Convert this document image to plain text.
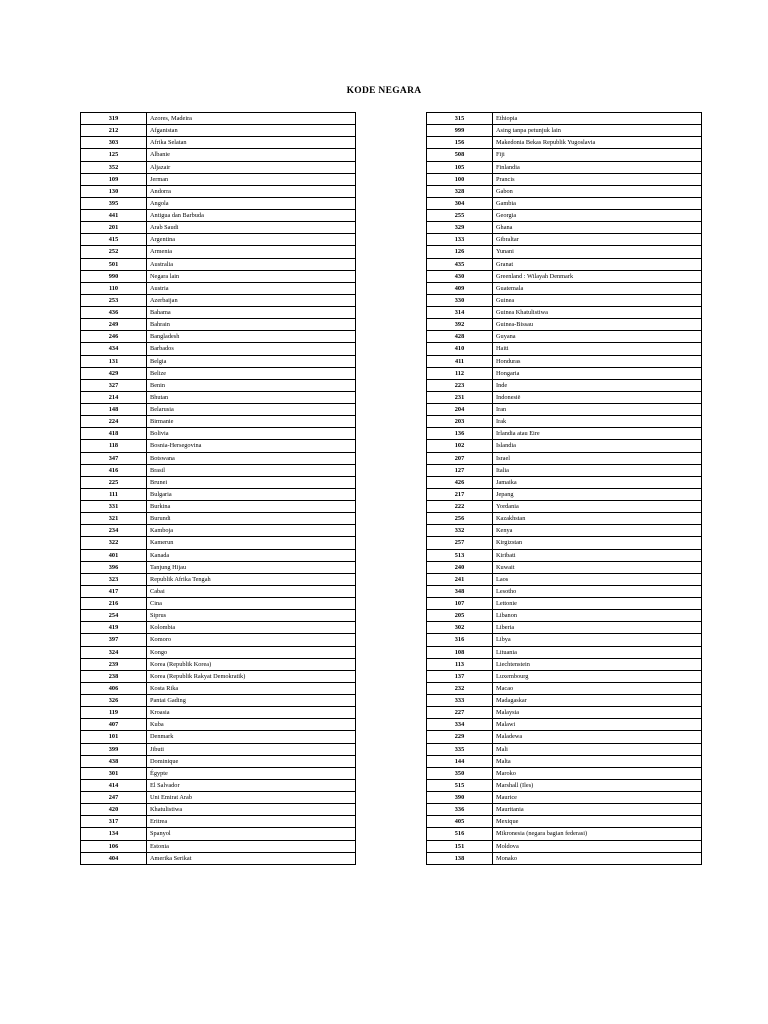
KODE NEGARA
319	Azores, Madeira
212	Afganistan
303	Afrika Selatan
125	Albanie
352	Aljazair
109	Jerman
130	Andorra
395	Angola
441	Antigua dan Barbuda
201	Arab Saudi
415	Argentina
252	Armenia
501	Australia
990	Negara lain
110	Austria
253	Azerbaijan
436	Bahama
249	Bahrain
246	Bangladesh
434	Barbados
131	Belgia
429	Belize
327	Benin
214	Bhutan
148	Belarusia
224	Birmanie
418	Bolivia
118	Bosnia-Hersegovina
347	Botswana
416	Brasil
225	Brunei
111	Bulgaria
331	Burkina
321	Burundi
234	Kamboja
322	Kamerun
401	Kanada
396	Tanjung Hijau
323	Republik Afrika Tengah
417	Cabai
216	Cina
254	Siprus
419	Kolombia
397	Komoro
324	Kongo
239	Korea (Republik Korea)
238	Korea (Republik Rakyat Demokratik)
406	Kosta Rika
326	Pantai Gading
119	Kroasia
407	Kuba
101	Denmark
399	Jibuti
438	Dominique
301	Égypte
414	El Salvador
247	Uni Emirat Arab
420	Khatulistiwa
317	Eritrea
134	Spanyol
106	Estonia
404	Amerika Serikat
315	Ethiopia
999	Asing tanpa petunjuk lain
156	Makedonia Bekas Republik Yugoslavia
508	Fiji
105	Finlandia
100	Prancis
328	Gabon
304	Gambia
255	Georgia
329	Ghana
133	Gibraltar
126	Yunani
435	Granat
430	Greenland : Wilayah Denmark
409	Guatemala
330	Guinea
314	Guinea Khatulistiwa
392	Guinea-Bissau
428	Guyana
410	Haiti
411	Honduras
112	Hongaria
223	Inde
231	Indonesië
204	Iran
203	Irak
136	Irlandia atau Eire
102	Islandia
207	Israel
127	Italia
426	Jamaika
217	Jepang
222	Yordania
256	Kazakhstan
332	Kenya
257	Kirgizstan
513	Kiribati
240	Kuwait
241	Laos
348	Lesotho
107	Lettonie
205	Libanon
302	Liberia
316	Libya
108	Lituania
113	Liechtenstein
137	Luxembourg
232	Macao
333	Madagaskar
227	Malaysia
334	Malawi
229	Maladewa
335	Mali
144	Malta
350	Maroko
515	Marshall (Iles)
390	Maurice
336	Mauritania
405	Mexique
516	Mikronesia (negara bagian federasi)
151	Moldova
138	Monako
